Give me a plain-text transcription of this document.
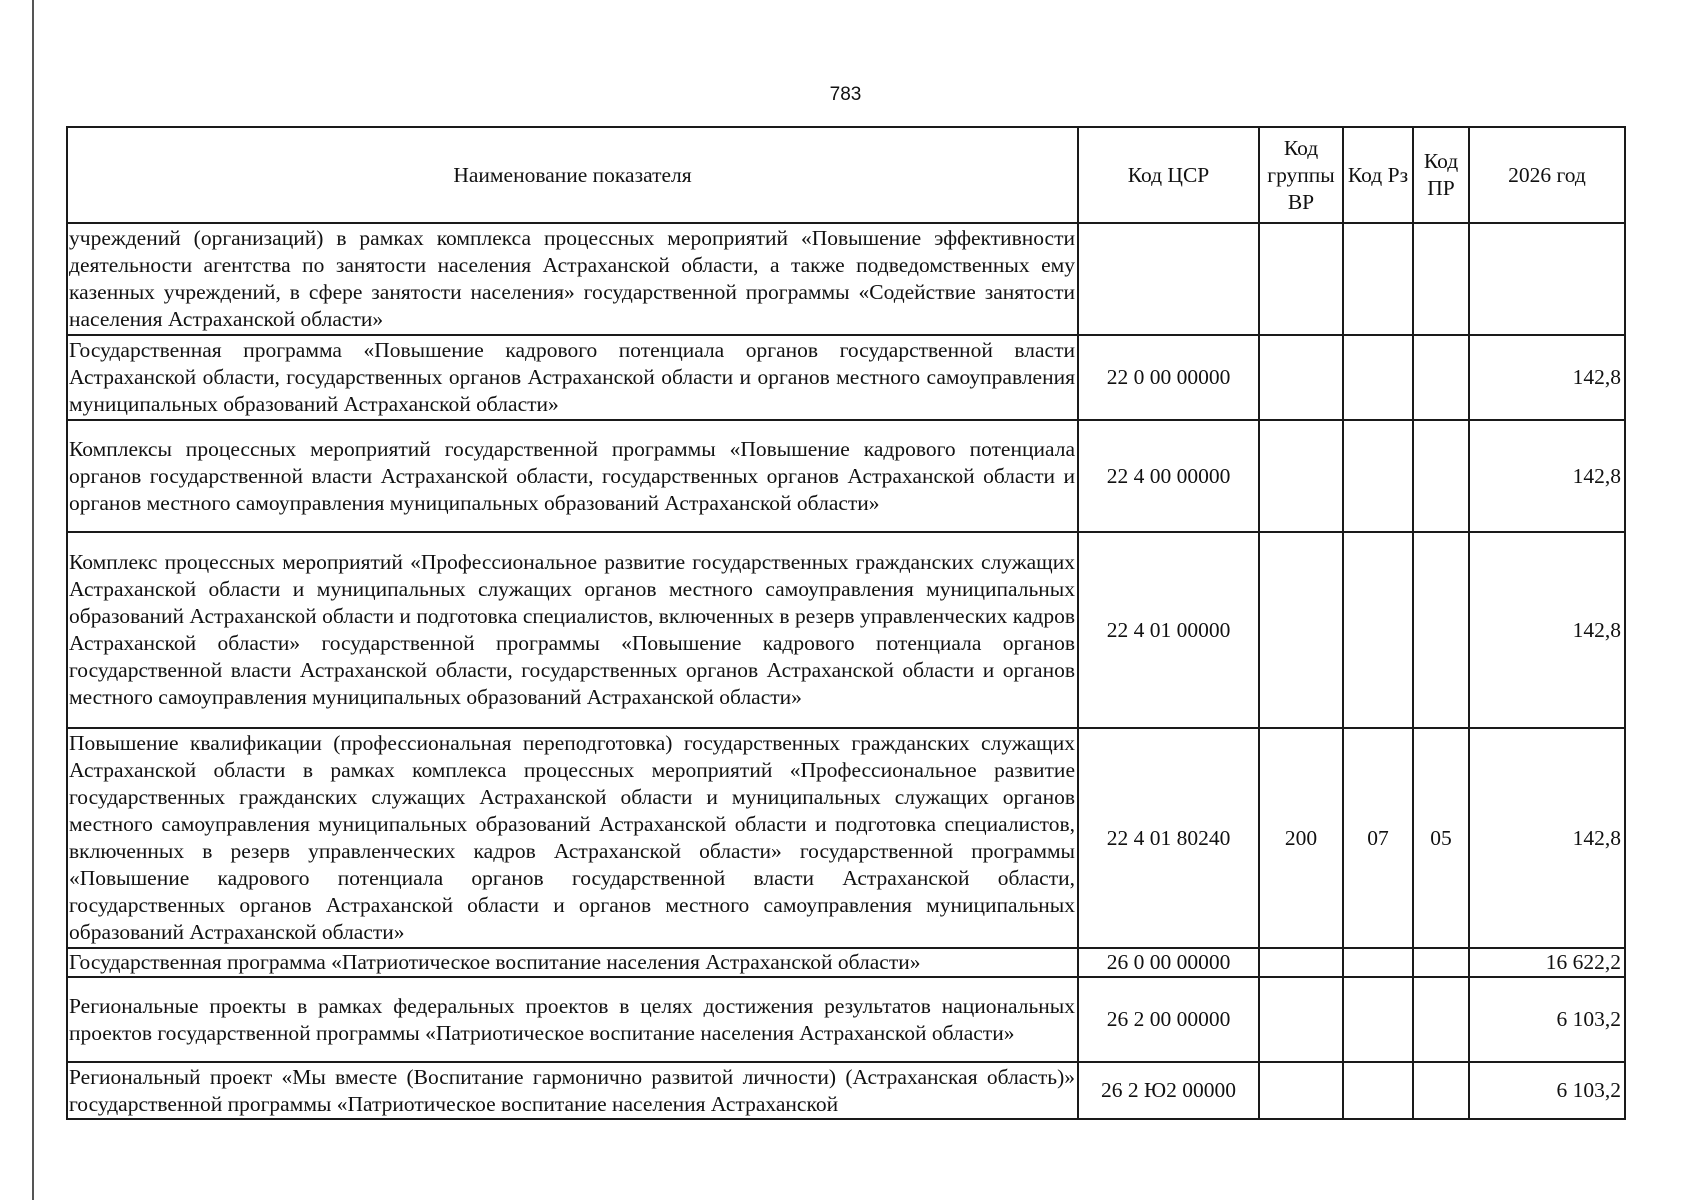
783
Наименование показателя	Код ЦСР	Код группы ВР	Код Рз	Код ПР	2026 год
учреждений (организаций) в рамках комплекса процессных мероприятий «Повышение эффективности деятельности агентства по занятости населения Астраханской области, а также подведомственных ему казенных учреждений, в сфере занятости населения» государственной программы «Содействие занятости населения Астраханской области»					
Государственная программа «Повышение кадрового потенциала органов государственной власти Астраханской области, государственных органов Астраханской области и органов местного самоуправления муниципальных образований Астраханской области»	22 0 00 00000				142,8
Комплексы процессных мероприятий государственной программы «Повышение кадрового потенциала органов государственной власти Астраханской области, государственных органов Астраханской области и органов местного самоуправления муниципальных образований Астраханской области»	22 4 00 00000				142,8
Комплекс процессных мероприятий «Профессиональное развитие государственных гражданских служащих Астраханской области и муниципальных служащих органов местного самоуправления муниципальных образований Астраханской области и подготовка специалистов, включенных в резерв управленческих кадров Астраханской области» государственной программы «Повышение кадрового потенциала органов государственной власти Астраханской области, государственных органов Астраханской области и органов местного самоуправления муниципальных образований Астраханской области»	22 4 01 00000				142,8
Повышение квалификации (профессиональная переподготовка) государственных гражданских служащих Астраханской области в рамках комплекса процессных мероприятий «Профессиональное развитие государственных гражданских служащих Астраханской области и муниципальных служащих органов местного самоуправления муниципальных образований Астраханской области и подготовка специалистов, включенных в резерв управленческих кадров Астраханской области» государственной программы «Повышение кадрового потенциала органов государственной власти Астраханской области, государственных органов Астраханской области и органов местного самоуправления муниципальных образований Астраханской области»	22 4 01 80240	200	07	05	142,8
Государственная программа «Патриотическое воспитание населения Астраханской области»	26 0 00 00000				16 622,2
Региональные проекты в рамках федеральных проектов в целях достижения результатов национальных проектов государственной программы «Патриотическое воспитание населения Астраханской области»	26 2 00 00000				6 103,2
Региональный проект «Мы вместе (Воспитание гармонично развитой личности) (Астраханская область)» государственной программы «Патриотическое воспитание населения Астраханской	26 2 Ю2 00000				6 103,2
